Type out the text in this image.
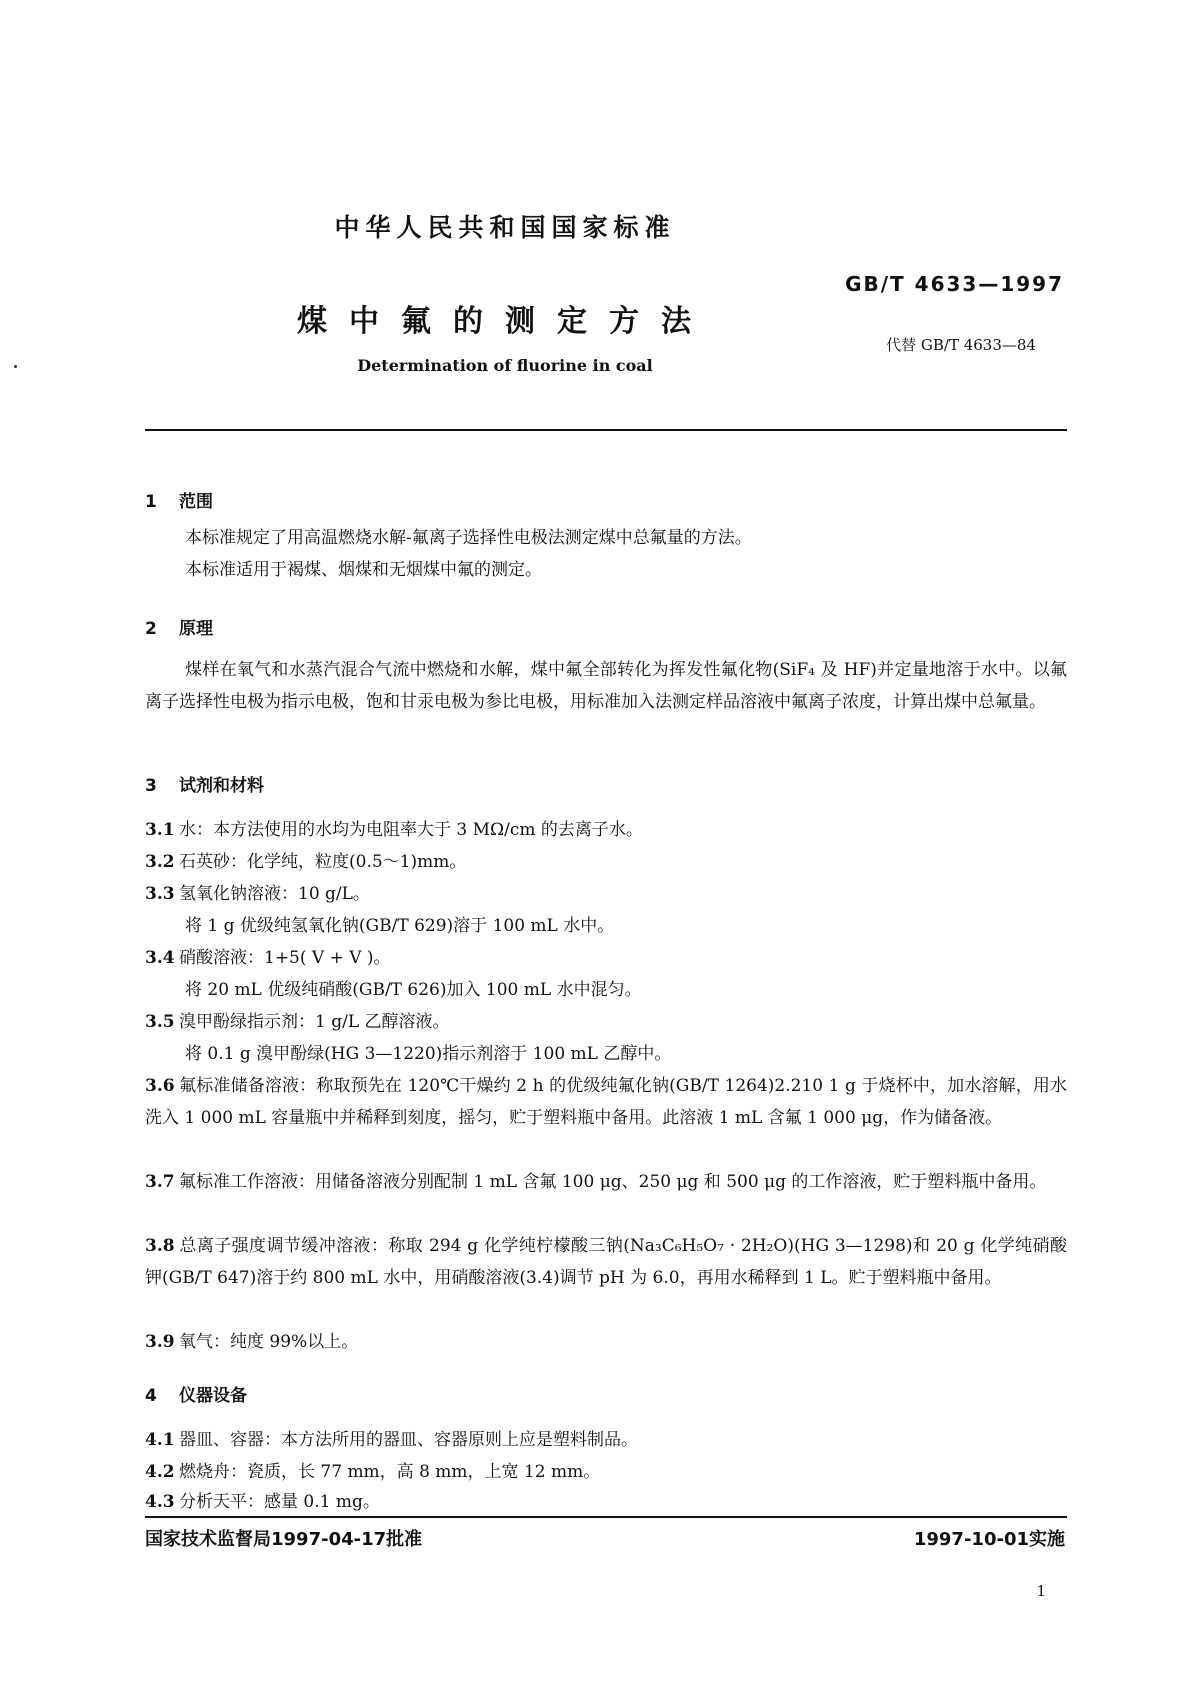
中华人民共和国国家标准
GB/T 4633—1997
煤中氟的测定方法
代替 GB/T 4633—84
Determination of fluorine in coal
1 范围
本标准规定了用高温燃烧水解-氟离子选择性电极法测定煤中总氟量的方法。
本标准适用于褐煤、烟煤和无烟煤中氟的测定。
2 原理
煤样在氧气和水蒸汽混合气流中燃烧和水解，煤中氟全部转化为挥发性氟化物(SiF₄ 及 HF)并定量地溶于水中。以氟离子选择性电极为指示电极，饱和甘汞电极为参比电极，用标准加入法测定样品溶液中氟离子浓度，计算出煤中总氟量。
3 试剂和材料
3.1 水：本方法使用的水均为电阻率大于 3 MΩ/cm 的去离子水。
3.2 石英砂：化学纯，粒度(0.5～1)mm。
3.3 氢氧化钠溶液：10 g/L。
将 1 g 优级纯氢氧化钠(GB/T 629)溶于 100 mL 水中。
3.4 硝酸溶液：1+5( V + V )。
将 20 mL 优级纯硝酸(GB/T 626)加入 100 mL 水中混匀。
3.5 溴甲酚绿指示剂：1 g/L 乙醇溶液。
将 0.1 g 溴甲酚绿(HG 3—1220)指示剂溶于 100 mL 乙醇中。
3.6 氟标准储备溶液：称取预先在 120℃干燥约 2 h 的优级纯氟化钠(GB/T 1264)2.210 1 g 于烧杯中，加水溶解，用水洗入 1 000 mL 容量瓶中并稀释到刻度，摇匀，贮于塑料瓶中备用。此溶液 1 mL 含氟 1 000 μg，作为储备液。
3.7 氟标准工作溶液：用储备溶液分别配制 1 mL 含氟 100 μg、250 μg 和 500 μg 的工作溶液，贮于塑料瓶中备用。
3.8 总离子强度调节缓冲溶液：称取 294 g 化学纯柠檬酸三钠(Na₃C₆H₅O₇ · 2H₂O)(HG 3—1298)和 20 g 化学纯硝酸钾(GB/T 647)溶于约 800 mL 水中，用硝酸溶液(3.4)调节 pH 为 6.0，再用水稀释到 1 L。贮于塑料瓶中备用。
3.9 氧气：纯度 99%以上。
4 仪器设备
4.1 器皿、容器：本方法所用的器皿、容器原则上应是塑料制品。
4.2 燃烧舟：瓷质，长 77 mm，高 8 mm，上宽 12 mm。
4.3 分析天平：感量 0.1 mg。
国家技术监督局1997-04-17批准	1997-10-01实施
1
